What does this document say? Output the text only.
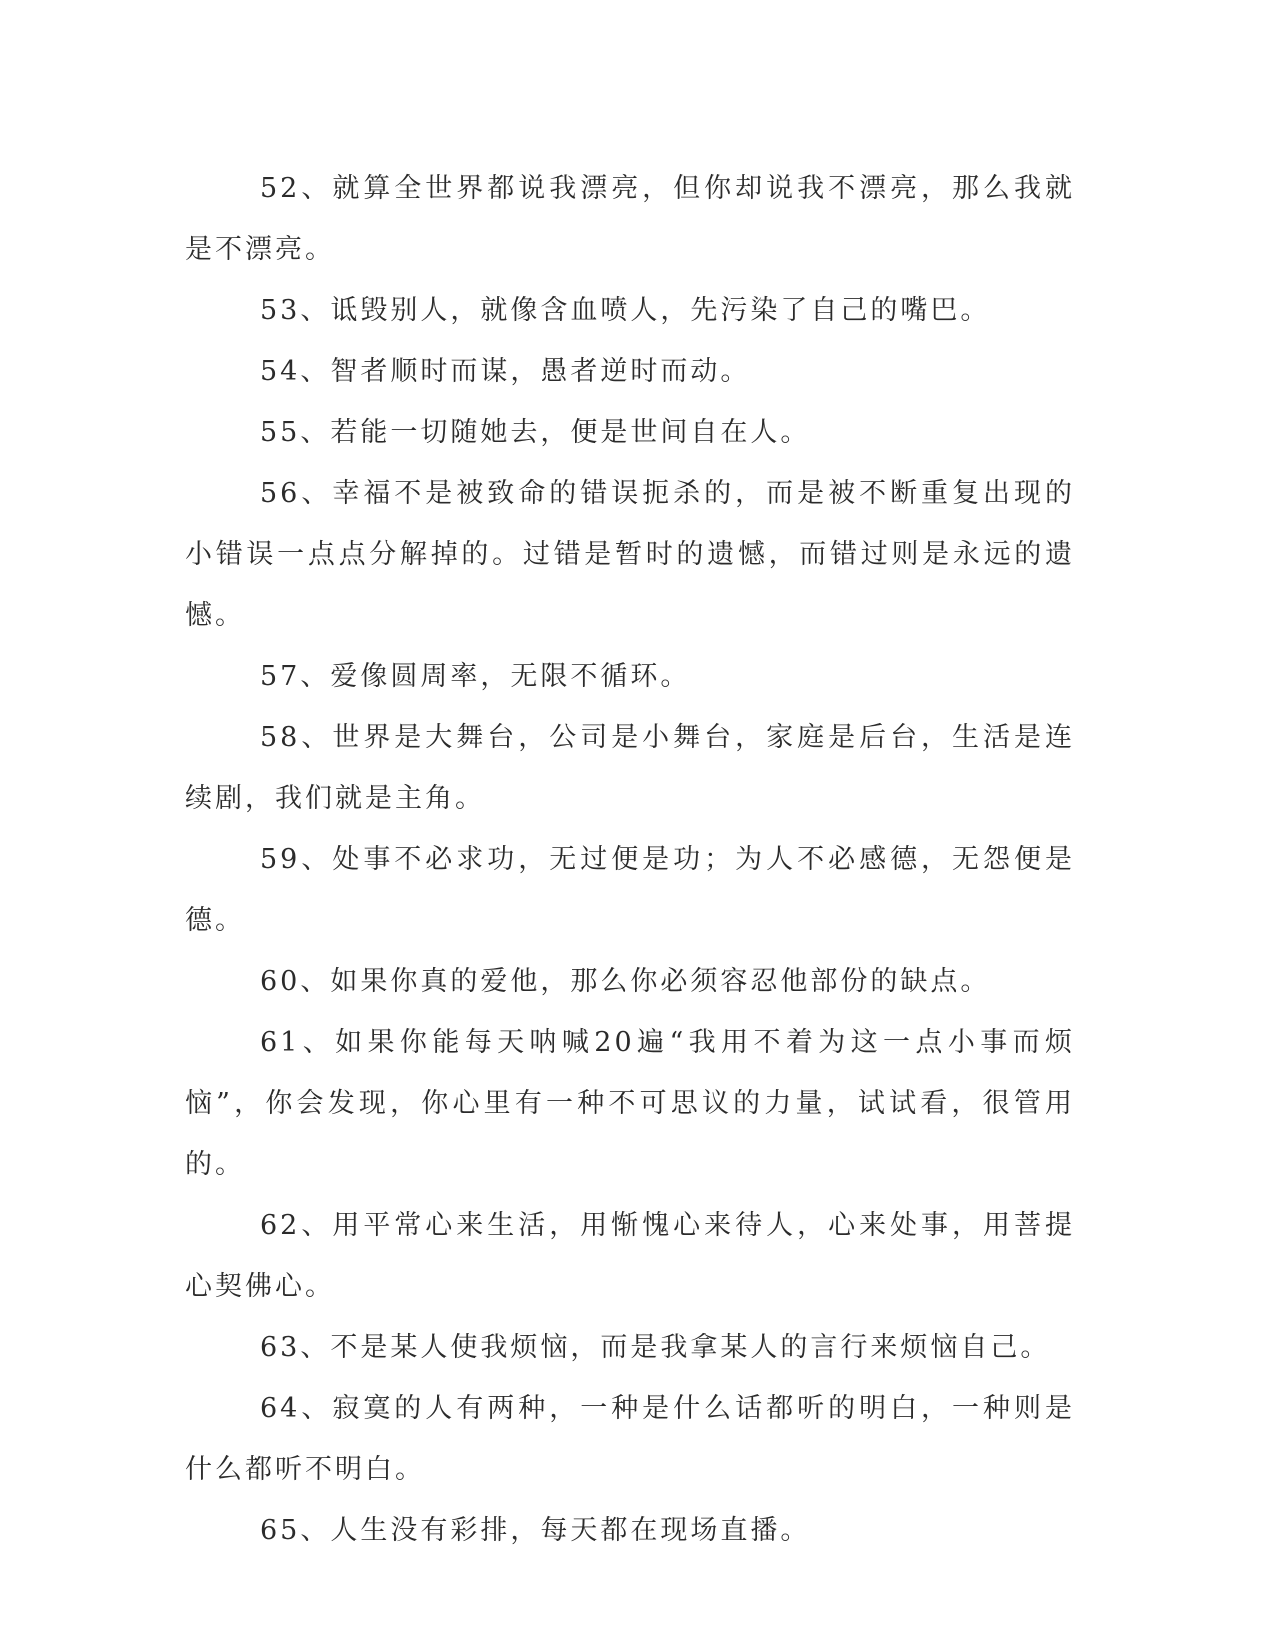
52、就算全世界都说我漂亮，但你却说我不漂亮，那么我就是不漂亮。

53、诋毁别人，就像含血喷人，先污染了自己的嘴巴。

54、智者顺时而谋，愚者逆时而动。

55、若能一切随她去，便是世间自在人。

56、幸福不是被致命的错误扼杀的，而是被不断重复出现的小错误一点点分解掉的。过错是暂时的遗憾，而错过则是永远的遗憾。

57、爱像圆周率，无限不循环。

58、世界是大舞台，公司是小舞台，家庭是后台，生活是连续剧，我们就是主角。

59、处事不必求功，无过便是功；为人不必感德，无怨便是德。

60、如果你真的爱他，那么你必须容忍他部份的缺点。

61、如果你能每天呐喊20遍“我用不着为这一点小事而烦恼”，你会发现，你心里有一种不可思议的力量，试试看，很管用的。

62、用平常心来生活，用惭愧心来待人，心来处事，用菩提心契佛心。

63、不是某人使我烦恼，而是我拿某人的言行来烦恼自己。

64、寂寞的人有两种，一种是什么话都听的明白，一种则是什么都听不明白。

65、人生没有彩排，每天都在现场直播。
